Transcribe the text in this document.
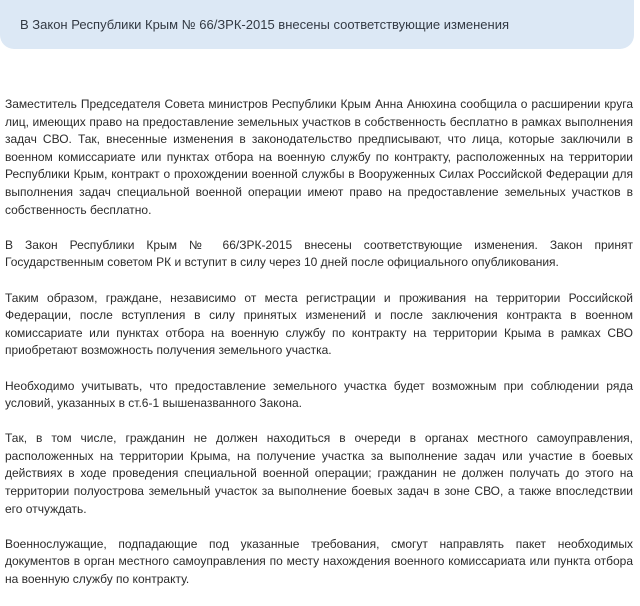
В Закон Республики Крым № 66/ЗРК-2015 внесены соответствующие изменения

Заместитель Председателя Совета министров Республики Крым Анна Анюхина сообщила о расширении круга лиц, имеющих право на предоставление земельных участков в собственность бесплатно в рамках выполнения задач СВО. Так, внесенные изменения в законодательство предписывают, что лица, которые заключили в военном комиссариате или пунктах отбора на военную службу по контракту, расположенных на территории Республики Крым, контракт о прохождении военной службы в Вооруженных Силах Российской Федерации для выполнения задач специальной военной операции имеют право на предоставление земельных участков в собственность бесплатно.

В Закон Республики Крым № 66/ЗРК-2015 внесены соответствующие изменения. Закон принят Государственным советом РК и вступит в силу через 10 дней после официального опубликования.

Таким образом, граждане, независимо от места регистрации и проживания на территории Российской Федерации, после вступления в силу принятых изменений и после заключения контракта в военном комиссариате или пунктах отбора на военную службу по контракту на территории Крыма в рамках СВО приобретают возможность получения земельного участка.

Необходимо учитывать, что предоставление земельного участка будет возможным при соблюдении ряда условий, указанных в ст.6-1 вышеназванного Закона.

Так, в том числе, гражданин не должен находиться в очереди в органах местного самоуправления, расположенных на территории Крыма, на получение участка за выполнение задач или участие в боевых действиях в ходе проведения специальной военной операции; гражданин не должен получать до этого на территории полуострова земельный участок за выполнение боевых задач в зоне СВО, а также впоследствии его отчуждать.

Военнослужащие, подпадающие под указанные требования, смогут направлять пакет необходимых документов в орган местного самоуправления по месту нахождения военного комиссариата или пункта отбора на военную службу по контракту.
